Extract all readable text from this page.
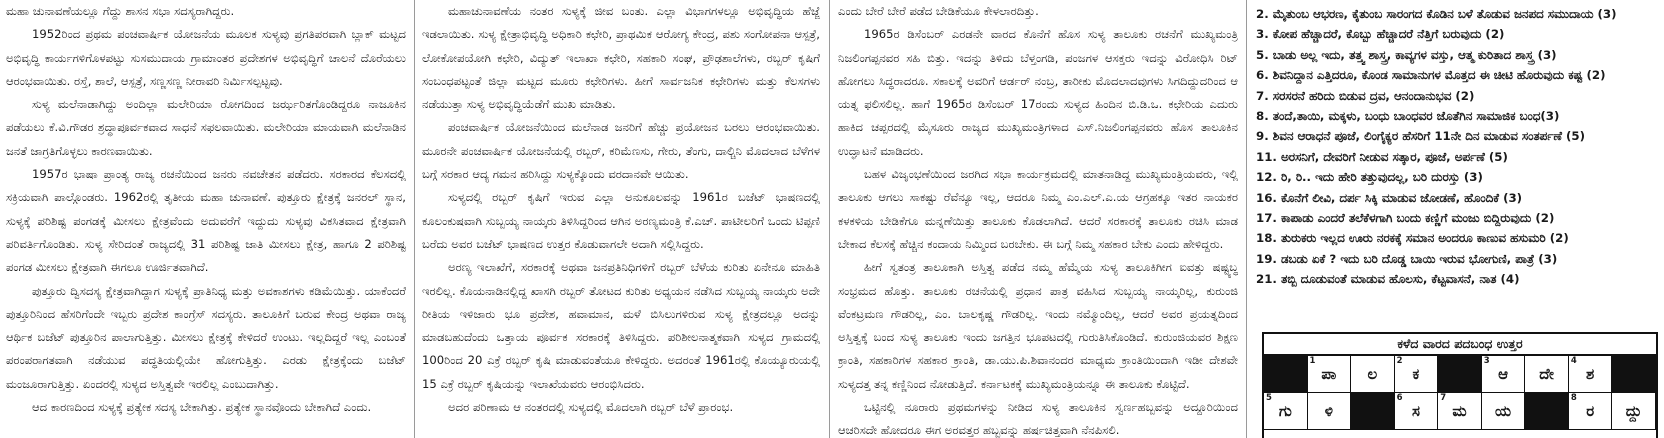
ಮಹಾ ಚುನಾವಣೆಯಲ್ಲೂ ಗೆದ್ದು ಶಾಸನ ಸಭಾ ಸದಸ್ಯರಾಗಿದ್ದರು.

1952ರಿಂದ ಪ್ರಥಮ ಪಂಚವಾರ್ಷಿಕ ಯೋಜನೆಯ ಮೂಲಕ ಸುಳ್ಯವು ಪ್ರಗತಿಪರವಾಗಿ ಬ್ಲಾಕ್ ಮಟ್ಟದ ಅಭಿವೃದ್ಧಿ ಕಾರ್ಯಗಳಿಗೊಳಪಟ್ಟು ಸುಸಮುದಾಯ ಗ್ರಾಮಾಂತರ ಪ್ರದೇಶಗಳ ಅಭಿವೃದ್ಧಿಗೆ ಚಾಲನೆ ದೊರೆಯಲು ಆರಂಭವಾಯಿತು. ರಸ್ತೆ, ಶಾಲೆ, ಆಸ್ಪತ್ರೆ, ಸಣ್ಣಸಣ್ಣ ನೀರಾವರಿ ನಿರ್ಮಿಸಲ್ಪಟ್ಟವು.

ಸುಳ್ಯ ಮಲೆನಾಡಾಗಿದ್ದು ಅಂದಿಲ್ಲಾ ಮಲೇರಿಯಾ ರೋಗದಿಂದ ಜರ್ಝರಿತಗೊಂಡಿದ್ದರೂ ನಾಜೂಕಿನ ಪಡೆಯಲು ಕೆ.ವಿ.ಗೌಡರ ಶ್ರದ್ಧಾಪೂರ್ವಕವಾದ ಸಾಧನೆ ಸಫಲವಾಯಿತು. ಮಲೇರಿಯಾ ಮಾಯವಾಗಿ ಮಲೆನಾಡಿನ ಜನತೆ ಜಾಗ್ರತಿಗೊಳ್ಳಲು ಕಾರಣವಾಯಿತು.

1957ರ ಭಾಷಾ ಪ್ರಾಂತ್ಯ ರಾಜ್ಯ ರಚನೆಯಿಂದ ಜನರು ನವಚೇತನ ಪಡೆದರು. ಸರಕಾರದ ಕೆಲಸದಲ್ಲಿ ಸಕ್ರಿಯವಾಗಿ ಪಾಲ್ಗೊಂಡರು. 1962ರಲ್ಲಿ ತೃತೀಯ ಮಹಾ ಚುನಾವಣೆ. ಪುತ್ತೂರು ಕ್ಷೇತ್ರಕ್ಕೆ ಜನರಲ್ ಸ್ಥಾನ, ಸುಳ್ಯಕ್ಕೆ ಪರಿಶಿಷ್ಟ ಪಂಗಡಕ್ಕೆ ಮೀಸಲು ಕ್ಷೇತ್ರವೆಂದು ಅದುವರೆಗೆ ಇದ್ದುದು ಸುಳ್ಯವು ವಿಕಸಿತವಾದ ಕ್ಷೇತ್ರವಾಗಿ ಪರಿವರ್ತಿಗೊಂಡಿತು. ಸುಳ್ಯ ಸೇರಿದಂತೆ ರಾಜ್ಯದಲ್ಲಿ 31 ಪರಿಶಿಷ್ಟ ಜಾತಿ ಮೀಸಲು ಕ್ಷೇತ್ರ, ಹಾಗೂ 2 ಪರಿಶಿಷ್ಟ ಪಂಗಡ ಮೀಸಲು ಕ್ಷೇತ್ರವಾಗಿ ಈಗಲೂ ಊರ್ಜಿತವಾಗಿದೆ.

ಪುತ್ತೂರು ದ್ವಿಸದಸ್ಯ ಕ್ಷೇತ್ರವಾಗಿದ್ದಾಗ ಸುಳ್ಯಕ್ಕೆ ಪ್ರಾತಿನಿಧ್ಯ ಮತ್ತು ಅವಕಾಶಗಳು ಕಡಿಮೆಯಿತ್ತು. ಯಾಕೆಂದರೆ ಪುತ್ತೂರಿನಿಂದ ಹೆಸರಿಗೆಂದೇ ಇಬ್ಬರು ಪ್ರದೇಶ ಕಾಂಗ್ರೆಸ್ ಸದಸ್ಯರು. ತಾಲೂಕಿಗೆ ಬರುವ ಕೇಂದ್ರ ಅಥವಾ ರಾಜ್ಯ ಆರ್ಥಿಕ ಬಜೆಟ್ ಪುತ್ತೂರಿನ ಪಾಲಾಗುತ್ತಿತ್ತು. ಮೀಸಲು ಕ್ಷೇತ್ರಕ್ಕೆ ಕೇಳಿದರೆ ಉಂಟು. ಇಲ್ಲದಿದ್ದರೆ ಇಲ್ಲ ಎಂಬಂತೆ ಪರಂಪರಾಗತವಾಗಿ ನಡೆಯುವ ಪದ್ಧತಿಯಲ್ಲಿಯೇ ಹೋಗುತ್ತಿತ್ತು. ಎರಡು ಕ್ಷೇತ್ರಕ್ಕೆಂದು ಬಜೆಟ್ ಮಂಜೂರಾಗುತ್ತಿತ್ತು. ಏಂದರಲ್ಲಿ ಸುಳ್ಯದ ಅಸ್ತಿತ್ವವೇ ಇರಲಿಲ್ಲ ಎಂಬುದಾಗಿತ್ತು.

ಆದ ಕಾರಣದಿಂದ ಸುಳ್ಯಕ್ಕೆ ಪ್ರತ್ಯೇಕ ಸದಸ್ಯ ಬೇಕಾಗಿತ್ತು. ಪ್ರತ್ಯೇಕ ಸ್ಥಾನವೊಂದು ಬೇಕಾಗಿದೆ ಎಂದು.

ಮಹಾಚುನಾವಣೆಯ ನಂತರ ಸುಳ್ಯಕ್ಕೆ ಜೀವ ಬಂತು. ಎಲ್ಲಾ ವಿಭಾಗಗಳಲ್ಲೂ ಅಭಿವೃದ್ಧಿಯ ಹೆಜ್ಜೆ ಇಡಲಾಯಿತು. ಸುಳ್ಯ ಕ್ಷೇತ್ರಾಭಿವೃದ್ಧಿ ಅಧಿಕಾರಿ ಕಛೇರಿ, ಪ್ರಾಥಮಿಕ ಆರೋಗ್ಯ ಕೇಂದ್ರ, ಪಶು ಸಂಗೋಪನಾ ಆಸ್ಪತ್ರೆ, ಲೋಕೋಪಯೋಗಿ ಕಛೇರಿ, ವಿದ್ಯುತ್ ಇಲಾಖಾ ಕಛೇರಿ, ಸಹಕಾರಿ ಸಂಘ, ಪ್ರೌಢಶಾಲೆಗಳು, ರಬ್ಬರ್ ಕೃಷಿಗೆ ಸಂಬಂಧಪಟ್ಟಂತೆ ಜಿಲ್ಲಾ ಮಟ್ಟದ ಮೂರು ಕಛೇರಿಗಳು. ಹೀಗೆ ಸಾರ್ವಜನಿಕ ಕಛೇರಿಗಳು ಮತ್ತು ಕೆಲಸಗಳು ನಡೆಯುತ್ತಾ ಸುಳ್ಯ ಅಭಿವೃದ್ಧಿಯೆಡೆಗೆ ಮುಖ ಮಾಡಿತು.

ಪಂಚವಾರ್ಷಿಕ ಯೋಜನೆಯಿಂದ ಮಲೆನಾಡ ಜನರಿಗೆ ಹೆಚ್ಚು ಪ್ರಯೋಜನ ಬರಲು ಆರಂಭವಾಯಿತು. ಮೂರನೇ ಪಂಚವಾರ್ಷಿಕ ಯೋಜನೆಯಲ್ಲಿ ರಬ್ಬರ್, ಕರಿಮೆಣಸು, ಗೇರು, ತೆಂಗು, ದಾಲ್ಚಿನಿ ಮೊದಲಾದ ಬೆಳೆಗಳ ಬಗ್ಗೆ ಸರಕಾರ ಆದ್ಯ ಗಮನ ಹರಿಸಿದ್ದು ಸುಳ್ಯಕ್ಕೊಂದು ವರದಾನವೇ ಆಯಿತು.

ಸುಳ್ಯದಲ್ಲಿ ರಬ್ಬರ್ ಕೃಷಿಗೆ ಇರುವ ಎಲ್ಲಾ ಅನುಕೂಲವನ್ನು 1961ರ ಬಜೆಟ್ ಭಾಷಣದಲ್ಲಿ ಕೂಲಂಕುಷವಾಗಿ ಸುಬ್ಬಯ್ಯ ನಾಯ್ಕರು ತಿಳಿಸಿದ್ದರಿಂದ ಆಗಿನ ಅರಣ್ಯಮಂತ್ರಿ ಕೆ.ಎಚ್. ಪಾಟೀಲರಿಗೆ ಒಂದು ಟಿಪ್ಪಣಿ ಬರೆದು ಅವರ ಬಜೆಟ್ ಭಾಷಣದ ಉತ್ತರ ಕೊಡುವಾಗಲೇ ಅದಾಗಿ ಸಲ್ಲಿಸಿದ್ದರು.

ಅರಣ್ಯ ಇಲಾಖೆಗೆ, ಸರಕಾರಕ್ಕೆ ಅಥವಾ ಜನಪ್ರತಿನಿಧಿಗಳಿಗೆ ರಬ್ಬರ್ ಬೆಳೆಯ ಕುರಿತು ಏನೇನೂ ಮಾಹಿತಿ ಇರಲಿಲ್ಲ. ಕೊಯನಾಡಿನಲ್ಲಿದ್ದ ಖಾಸಗಿ ರಬ್ಬರ್ ತೋಟದ ಕುರಿತು ಅಧ್ಯಯನ ನಡೆಸಿದ ಸುಬ್ಬಯ್ಯ ನಾಯ್ಕರು ಅದೇ ರೀತಿಯ ಇಳಿಜಾರು ಭೂ ಪ್ರದೇಶ, ಹವಾಮಾನ, ಮಳೆ ಬಿಸಿಲುಗಳಿರುವ ಸುಳ್ಯ ಕ್ಷೇತ್ರದಲ್ಲೂ ಅದನ್ನು ಮಾಡಬಹುದೆಂದು ಒತ್ತಾಯ ಪೂರ್ವಕ ಸರಕಾರಕ್ಕೆ ತಿಳಿಸಿದ್ದರು. ಪರಿಶೀಲನಾತ್ಮಕವಾಗಿ ಸುಳ್ಯದ ಗ್ರಾಮದಲ್ಲಿ 100ರಿಂದ 20 ಎಕ್ರೆ ರಬ್ಬರ್ ಕೃಷಿ ಮಾಡುವಂತೆಯೂ ಕೇಳಿದ್ದರು. ಅದರಂತೆ 1961ರಲ್ಲಿ ಕೊಯ್ಯೂರುಯಲ್ಲಿ 15 ಎಕ್ರೆ ರಬ್ಬರ್ ಕೃಷಿಯನ್ನು ಇಲಾಖೆಯವರು ಆರಂಭಿಸಿದರು.

ಅದರ ಪರಿಣಾಮ ಆ ನಂತರದಲ್ಲಿ ಸುಳ್ಯದಲ್ಲಿ ಮೊದಲಾಗಿ ರಬ್ಬರ್ ಬೆಳೆ ಪ್ರಾರಂಭ.

ಎಂದು ಬೇರೆ ಬೇರೆ ಪಡೆದ ಬೇಡಿಕೆಯೂ ಕೇಳಲಾರದಿತ್ತು.

1965ರ ಡಿಸೆಂಬರ್ ಎರಡನೇ ವಾರದ ಕೊನೆಗೆ ಹೊಸ ಸುಳ್ಯ ತಾಲೂಕು ರಚನೆಗೆ ಮುಖ್ಯಮಂತ್ರಿ ನಿಜಲಿಂಗಪ್ಪನವರ ಸಹಿ ಬಿತ್ತು. ಇದನ್ನು ತಿಳಿದು ಬೆಳ್ತಂಗಡಿ, ಪಂಜಗಳ ಆಸಕ್ತರು ಇದನ್ನು ವಿರೋಧಿಸಿ ರಿಟ್ ಹೋಗಲು ಸಿದ್ಧರಾದರೂ. ಸಕಾಲಕ್ಕೆ ಅವರಿಗೆ ಆರ್ಡರ್ ನಂಬ್ರ, ತಾರೀಕು ಮೊದಲಾದವುಗಳು ಸಿಗದಿದ್ದುದರಿಂದ ಆ ಯತ್ನ ಫಲಿಸಲಿಲ್ಲ. ಹಾಗೆ 1965ರ ಡಿಸೆಂಬರ್ 17ರಂದು ಸುಳ್ಯದ ಹಿಂದಿನ ಬಿ.ಡಿ.ಒ. ಕಛೇರಿಯ ಎದುರು ಹಾಕಿದ ಚಪ್ಪರದಲ್ಲಿ ಮೈಸೂರು ರಾಜ್ಯದ ಮುಖ್ಯಮಂತ್ರಿಗಳಾದ ಎಸ್.ನಿಜಲಿಂಗಪ್ಪನವರು ಹೊಸ ತಾಲೂಕಿನ ಉದ್ಘಾಟನೆ ಮಾಡಿದರು.

ಬಹಳ ವಿಜೃಂಭಣೆಯಿಂದ ಜರಗಿದ ಸಭಾ ಕಾರ್ಯಕ್ರಮದಲ್ಲಿ ಮಾತನಾಡಿದ್ದ ಮುಖ್ಯಮಂತ್ರಿಯವರು, ಇಲ್ಲಿ ತಾಲೂಕು ಆಗಲು ಸಾಕಷ್ಟು ರೆವೆನ್ಯೂ ಇಲ್ಲ, ಆದರೂ ನಿಮ್ಮ ಎಂ.ಎಲ್.ಎ.ಯ ಆಗ್ರಹಕ್ಕೂ ಇತರ ನಾಯಕರ ಕಳಕಳಿಯ ಬೇಡಿಕೆಗೂ ಮನ್ನಣೆಯಿತ್ತು ತಾಲೂಕು ಕೊಡಲಾಗಿದೆ. ಆದರೆ ಸರಕಾರಕ್ಕೆ ತಾಲೂಕು ರಚಿಸಿ ಮಾಡ ಬೇಕಾದ ಕೆಲಸಕ್ಕೆ ಹೆಚ್ಚಿನ ಕಂದಾಯ ನಿಮ್ಮಿಂದ ಬರಬೇಕು. ಈ ಬಗ್ಗೆ ನಿಮ್ಮ ಸಹಕಾರ ಬೇಕು ಎಂದು ಹೇಳಿದ್ದರು.

ಹೀಗೆ ಸ್ವತಂತ್ರ ತಾಲೂಕಾಗಿ ಅಸ್ತಿತ್ವ ಪಡೆದ ನಮ್ಮ ಹೆಮ್ಮೆಯ ಸುಳ್ಯ ತಾಲೂಕಿಗೀಗ ಐವತ್ತು ಷಷ್ಟ್ಯಬ್ಧ ಸಂಭ್ರಮದ ಹೊತ್ತು. ತಾಲೂಕು ರಚನೆಯಲ್ಲಿ ಪ್ರಧಾನ ಪಾತ್ರ ವಹಿಸಿದ ಸುಬ್ಬಯ್ಯ ನಾಯ್ಕರಿಲ್ಲ, ಕುರುಂಜಿ ವೆಂಕಟ್ರಮಣ ಗೌಡರಿಲ್ಲ, ಎಂ. ಬಾಲಕೃಷ್ಣ ಗೌಡರಿಲ್ಲ. ಇಂದು ನಮ್ಮೊಂದಿಲ್ಲ, ಆದರೆ ಅವರ ಪ್ರಯತ್ನದಿಂದ ಅಸ್ತಿತ್ವಕ್ಕೆ ಬಂದ ಸುಳ್ಯ ತಾಲೂಕು ಇಂದು ಜಗತ್ತಿನ ಭೂಪಟದಲ್ಲಿ ಗುರುತಿಸಿಕೊಂಡಿದೆ. ಕುರುಂಜಿಯವರ ಶಿಕ್ಷಣ ಕ್ರಾಂತಿ, ಸಹಕಾರಿಗಳ ಸಹಕಾರ ಕ್ರಾಂತಿ, ಡಾ.ಯು.ಪಿ.ಶಿವಾನಂದರ ಮಾಧ್ಯಮ ಕ್ರಾಂತಿಯಿಂದಾಗಿ ಇಡೀ ದೇಶವೇ ಸುಳ್ಯದತ್ತ ತನ್ನ ಕಣ್ಣಿನಿಂದ ನೋಡುತ್ತಿದೆ. ಕರ್ನಾಟಕಕ್ಕೆ ಮುಖ್ಯಮಂತ್ರಿಯನ್ನೂ ಈ ತಾಲೂಕು ಕೊಟ್ಟಿದೆ.

ಒಟ್ಟಿನಲ್ಲಿ ನೂರಾರು ಪ್ರಥಮಗಳನ್ನು ನೀಡಿದ ಸುಳ್ಯ ತಾಲೂಕಿನ ಸ್ವರ್ಣಹಬ್ಬವನ್ನು ಅದ್ದೂರಿಯಿಂದ ಆಚರಿಸದೇ ಹೋದರೂ ಈಗ ಅರವತ್ತರ ಹಬ್ಬವನ್ನು ಹರ್ಷಚಿತ್ತವಾಗಿ ನೆನಪಿಸಲಿ.

2. ಮೈತುಂಬ ಆಭರಣ, ಕೈತುಂಬ ಸಾರಂಗದ ಕೊಡಿನ ಬಳೆ ತೊಡುವ ಜನಪದ ಸಮುದಾಯ (3)
3. ಕೋಪ ಹೆಚ್ಚಾದರೆ, ಕೊಬ್ಬು ಹೆಚ್ಚಾದರೆ ನೆತ್ತಿಗೆ ಬರುವುದು (2)
5. ಬಾಡು ಅಲ್ಲ ಇದು, ತತ್ತ್ವ ಶಾಸ್ತ್ರ, ಕಾವ್ಯಗಳ ವಸ್ತು, ಆತ್ಮ ಕುರಿತಾದ ಶಾಸ್ತ್ರ (3)
6. ಶಿವನಿದ್ದಾನ ಎತ್ತಿದರೂ, ಕೊಂಡ ಸಾಮಾನುಗಳ ಮೊತ್ತದ ಈ ಚೀಟಿ ಹೊರುವುದು ಕಷ್ಟ (2)
7. ಸರಸರನೆ ಹರಿದು ಬಿಡುವ ದ್ರವ, ಆನಂದಾನುಭವ (2)
8. ತಂದೆ,ತಾಯಿ, ಮಕ್ಕಳು, ಬಂಧು ಬಾಂಧವರ ಜೊತೆಗಿನ ಸಾಮಾಜಿಕ ಬಂಧ(3)
9. ಶಿವನ ಆರಾಧನೆ ಪೂಜೆ, ಲಿಂಗೈಕ್ಯರ ಹೆಸರಿಗೆ 11ನೇ ದಿನ ಮಾಡುವ ಸಂತರ್ಪಣೆ (5)
11. ಅರಸನಿಗೆ, ದೇವರಿಗೆ ನೀಡುವ ಸತ್ಕಾರ, ಪೂಜೆ, ಅರ್ಪಣೆ (5)
12. ರಿ, ರಿ.. ಇದು ಹೇರಿ ತತ್ತುವುದಲ್ಲ, ಬರಿ ದುರಸ್ತು (3)
16. ಕೊನೆಗೆ ಲೀವಿ, ದರ್ಪ ಸಿಕ್ಕಿ ಮಾಡುವ ಜೋಡಣೆ, ಹೊಂದಿಕೆ (3)
17. ಕಾಪಾಡು ಎಂದರೆ ತಲೆಕೆಳಗಾಗಿ ಬಂದು ಕಣ್ಣಿಗೆ ಮಂಜು ಬಿದ್ದಿರುವುದು (2)
18. ತುರುಕರು ಇಲ್ಲದ ಊರು ನರಕಕ್ಕೆ ಸಮಾನ ಅಂದರೂ ಕಾಣುವ ಹಸುಮರಿ (2)
19. ಡಬಡು ಏಕೆ ? ಇದು ಬರಿ ದೊಡ್ಡ ಬಾಯಿ ಇರುವ ಭೋಗುಣಿ, ಪಾತ್ರೆ (3)
21. ತಬ್ಬಿ ದೂಡುವಂತೆ ಮಾಡುವ ಹೊಲಸು, ಕೆಟ್ಟವಾಸನೆ, ನಾತ (4)
ಕಳೆದ ವಾರದ ಪದಬಂಧ ಉತ್ತರ
1
ಪಾ ಲ
2
ಕ
3
ಆ ದೇ
4
ಶ
5
ಗು ಳಿ
6
ಸ
7
ಮ ಯ
8
ರ ದ್ದು
